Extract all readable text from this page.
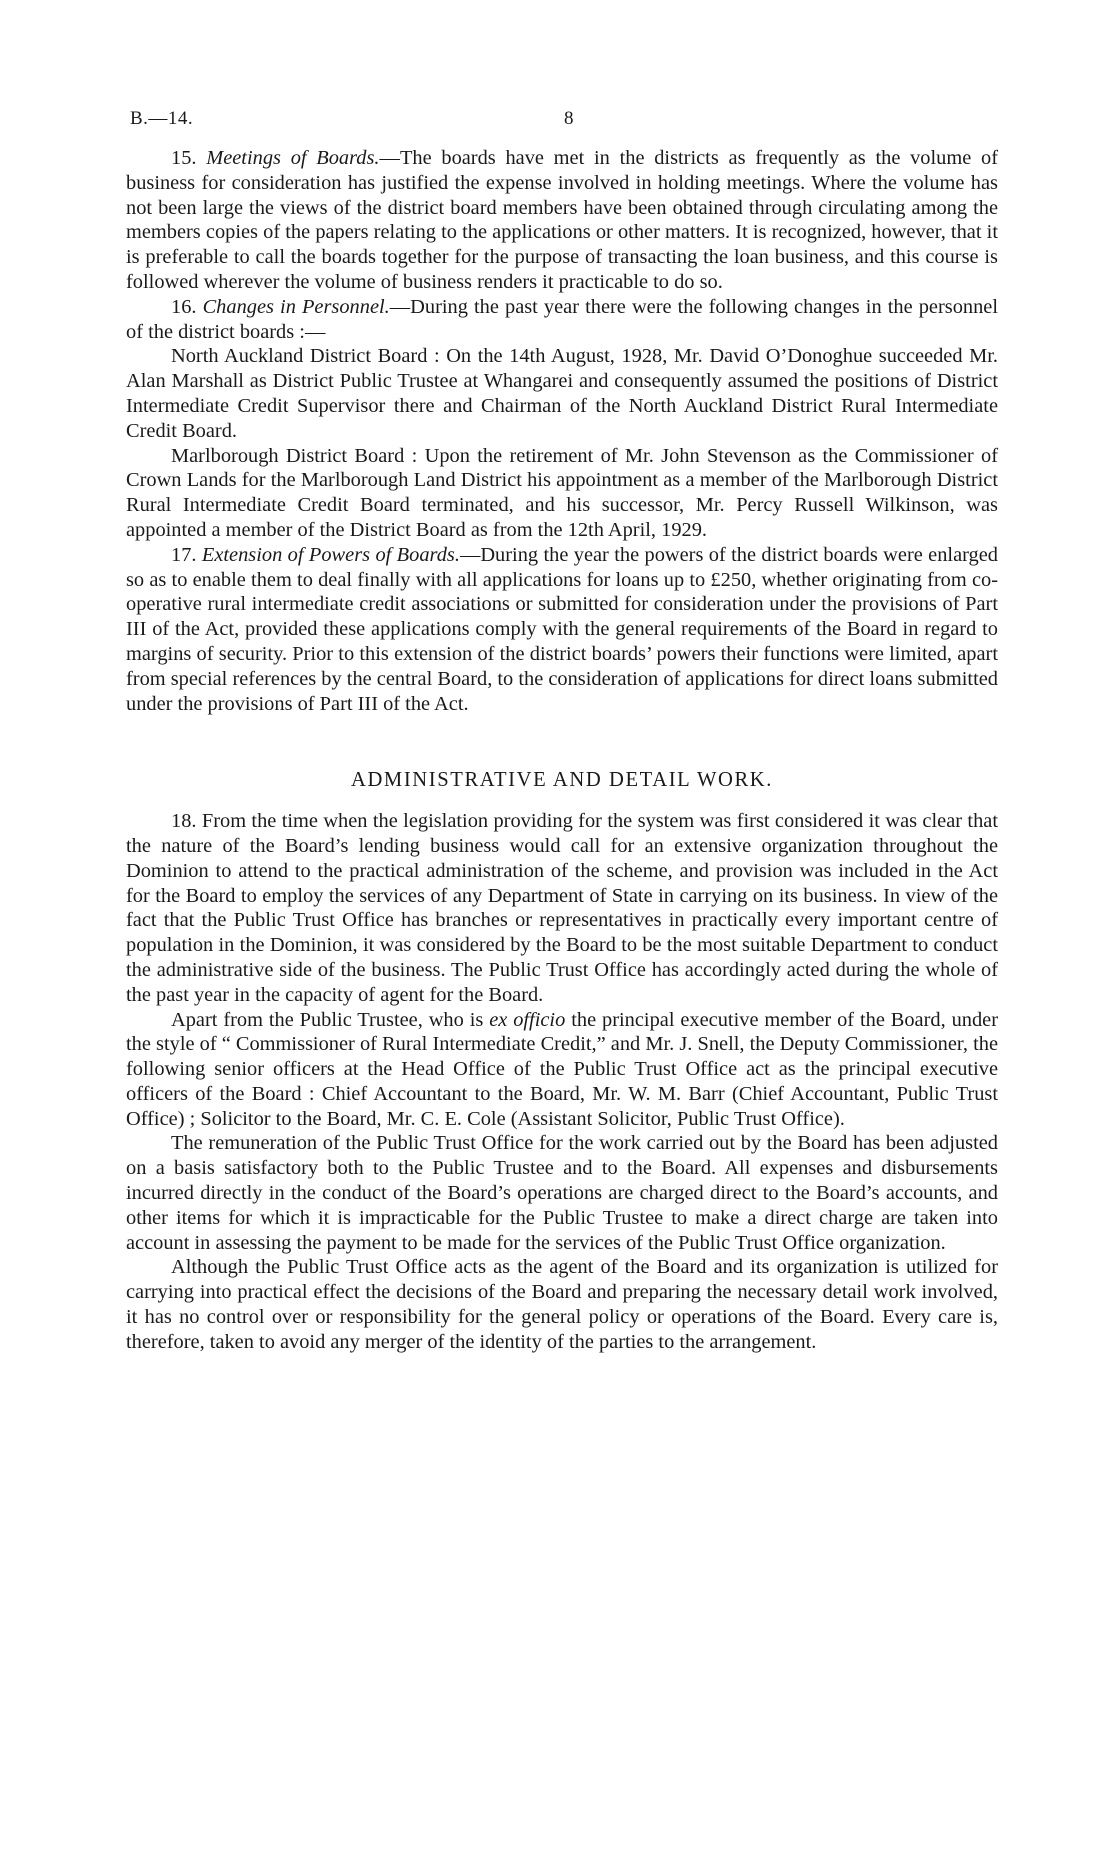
B.—14.	8

15. Meetings of Boards.—The boards have met in the districts as frequently as the volume of business for consideration has justified the expense involved in holding meetings. Where the volume has not been large the views of the district board members have been obtained through circulating among the members copies of the papers relating to the applications or other matters. It is recognized, however, that it is preferable to call the boards together for the purpose of transacting the loan business, and this course is followed wherever the volume of business renders it practicable to do so.

16. Changes in Personnel.—During the past year there were the following changes in the personnel of the district boards :—

North Auckland District Board : On the 14th August, 1928, Mr. David O’Donoghue succeeded Mr. Alan Marshall as District Public Trustee at Whangarei and consequently assumed the positions of District Intermediate Credit Supervisor there and Chairman of the North Auckland District Rural Intermediate Credit Board.

Marlborough District Board : Upon the retirement of Mr. John Stevenson as the Commissioner of Crown Lands for the Marlborough Land District his appointment as a member of the Marlborough District Rural Intermediate Credit Board terminated, and his successor, Mr. Percy Russell Wilkinson, was appointed a member of the District Board as from the 12th April, 1929.

17. Extension of Powers of Boards.—During the year the powers of the district boards were enlarged so as to enable them to deal finally with all applications for loans up to £250, whether originating from co-operative rural intermediate credit associations or submitted for consideration under the provisions of Part III of the Act, provided these applications comply with the general requirements of the Board in regard to margins of security. Prior to this extension of the district boards’ powers their functions were limited, apart from special references by the central Board, to the consideration of applications for direct loans submitted under the provisions of Part III of the Act.

ADMINISTRATIVE AND DETAIL WORK.

18. From the time when the legislation providing for the system was first considered it was clear that the nature of the Board’s lending business would call for an extensive organization throughout the Dominion to attend to the practical administration of the scheme, and provision was included in the Act for the Board to employ the services of any Department of State in carrying on its business. In view of the fact that the Public Trust Office has branches or representatives in practically every important centre of population in the Dominion, it was considered by the Board to be the most suitable Department to conduct the administrative side of the business. The Public Trust Office has accordingly acted during the whole of the past year in the capacity of agent for the Board.

Apart from the Public Trustee, who is ex officio the principal executive member of the Board, under the style of “ Commissioner of Rural Intermediate Credit,” and Mr. J. Snell, the Deputy Commissioner, the following senior officers at the Head Office of the Public Trust Office act as the principal executive officers of the Board : Chief Accountant to the Board, Mr. W. M. Barr (Chief Accountant, Public Trust Office) ; Solicitor to the Board, Mr. C. E. Cole (Assistant Solicitor, Public Trust Office).

The remuneration of the Public Trust Office for the work carried out by the Board has been adjusted on a basis satisfactory both to the Public Trustee and to the Board. All expenses and disbursements incurred directly in the conduct of the Board’s operations are charged direct to the Board’s accounts, and other items for which it is impracticable for the Public Trustee to make a direct charge are taken into account in assessing the payment to be made for the services of the Public Trust Office organization.

Although the Public Trust Office acts as the agent of the Board and its organization is utilized for carrying into practical effect the decisions of the Board and preparing the necessary detail work involved, it has no control over or responsibility for the general policy or operations of the Board. Every care is, therefore, taken to avoid any merger of the identity of the parties to the arrangement.
